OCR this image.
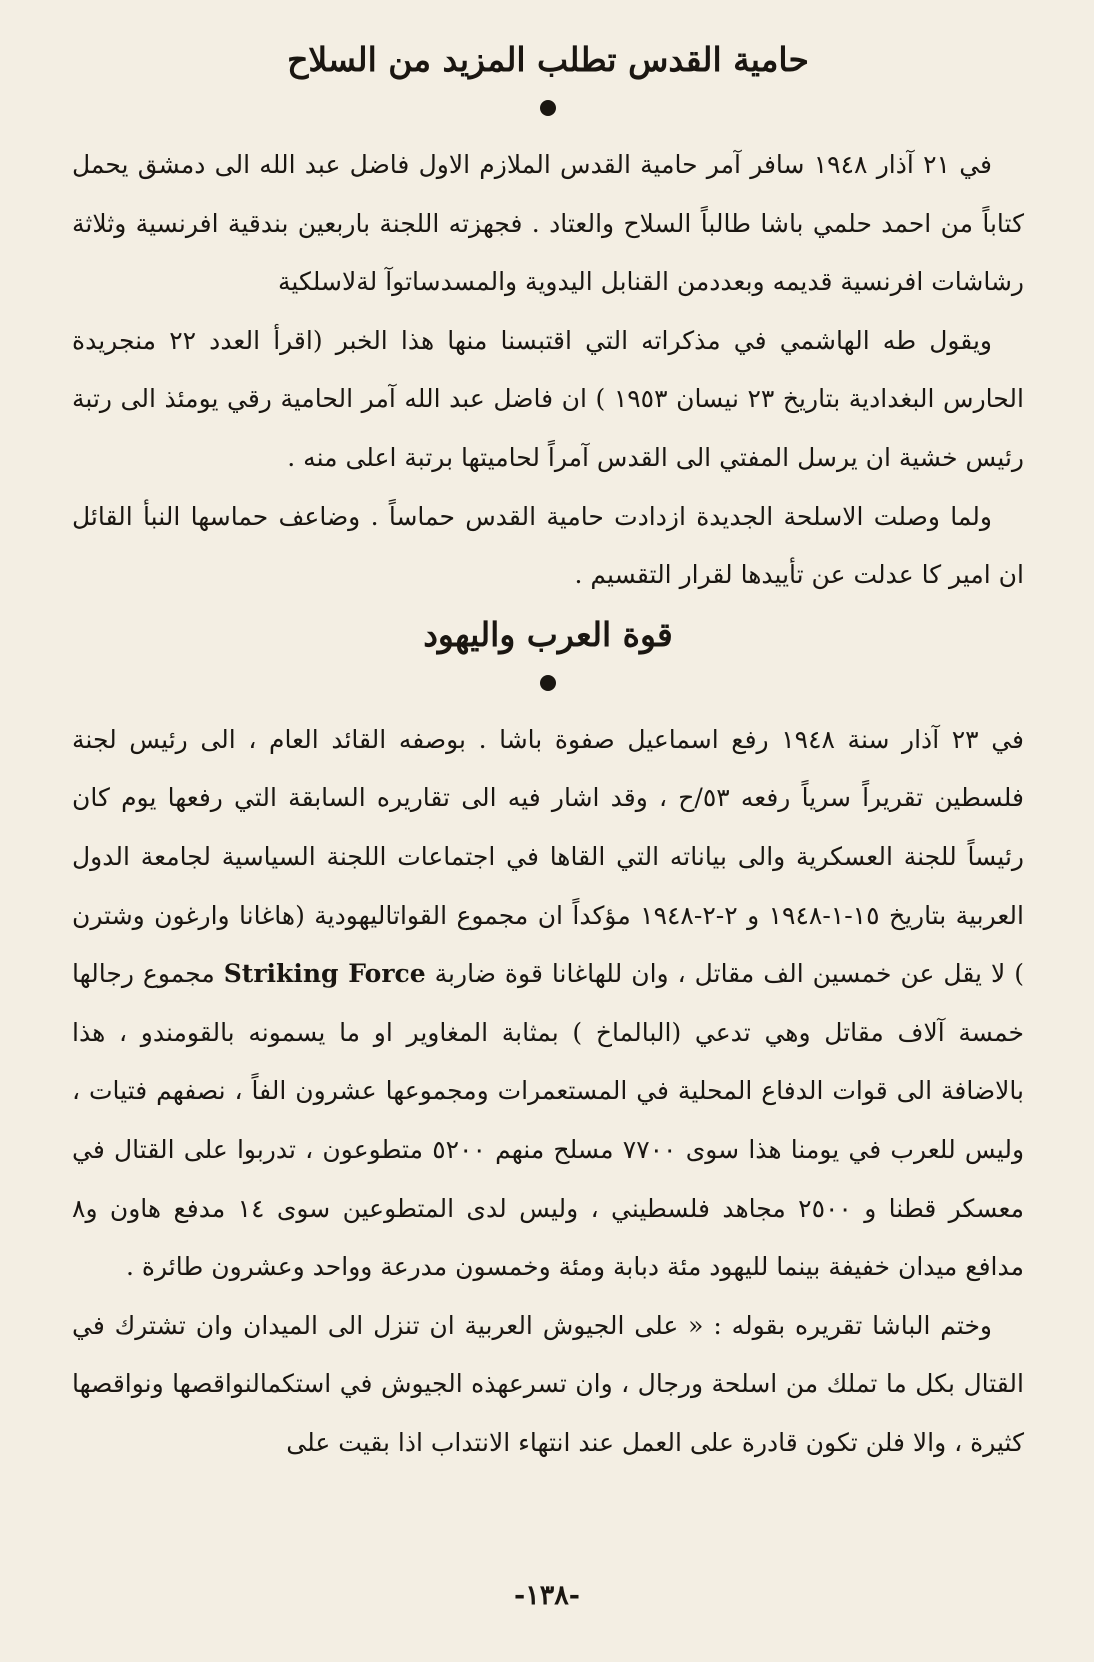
حامية القدس تطلب المزيد من السلاح

في ٢١ آذار ١٩٤٨ سافر آمر حامية القدس الملازم الاول فاضل عبد الله الى دمشق يحمل كتاباً من احمد حلمي باشا طالباً السلاح والعتاد . فجهزته اللجنة باربعين بندقية افرنسية وثلاثة رشاشات افرنسية قديمه وبعددمن القنابل اليدوية والمسدساتوآ لةلاسلكية

ويقول طه الهاشمي في مذكراته التي اقتبسنا منها هذا الخبر (اقرأ العدد ٢٢ منجريدة الحارس البغدادية بتاريخ ٢٣ نيسان ١٩٥٣ ) ان فاضل عبد الله آمر الحامية رقي يومئذ الى رتبة رئيس خشية ان يرسل المفتي الى القدس آمراً لحاميتها برتبة اعلى منه .

ولما وصلت الاسلحة الجديدة ازدادت حامية القدس حماساً . وضاعف حماسها النبأ القائل ان امير كا عدلت عن تأييدها لقرار التقسيم .

قوة العرب واليهود

في ٢٣ آذار سنة ١٩٤٨ رفع اسماعيل صفوة باشا . بوصفه القائد العام ، الى رئيس لجنة فلسطين تقريراً سرياً رفعه ٥٣/ح ، وقد اشار فيه الى تقاريره السابقة التي رفعها يوم كان رئيساً للجنة العسكرية والى بياناته التي القاها في اجتماعات اللجنة السياسية لجامعة الدول العربية بتاريخ ١٥-١-١٩٤٨ و ٢-٢-١٩٤٨ مؤكداً ان مجموع القواتاليهودية (هاغانا وارغون وشترن ) لا يقل عن خمسين الف مقاتل ، وان للهاغانا قوة ضاربة Striking Force مجموع رجالها خمسة آلاف مقاتل وهي تدعي (البالماخ ) بمثابة المغاوير او ما يسمونه بالقومندو ، هذا بالاضافة الى قوات الدفاع المحلية في المستعمرات ومجموعها عشرون الفاً ، نصفهم فتيات ، وليس للعرب في يومنا هذا سوى ٧٧٠٠ مسلح منهم ٥٢٠٠ متطوعون ، تدربوا على القتال في معسكر قطنا و ٢٥٠٠ مجاهد فلسطيني ، وليس لدى المتطوعين سوى ١٤ مدفع هاون و٨ مدافع ميدان خفيفة بينما لليهود مئة دبابة ومئة وخمسون مدرعة وواحد وعشرون طائرة .

وختم الباشا تقريره بقوله : « على الجيوش العربية ان تنزل الى الميدان وان تشترك في القتال بكل ما تملك من اسلحة ورجال ، وان تسرعهذه الجيوش في استكمالنواقصها ونواقصها كثيرة ، والا فلن تكون قادرة على العمل عند انتهاء الانتداب اذا بقيت على

-١٣٨-
